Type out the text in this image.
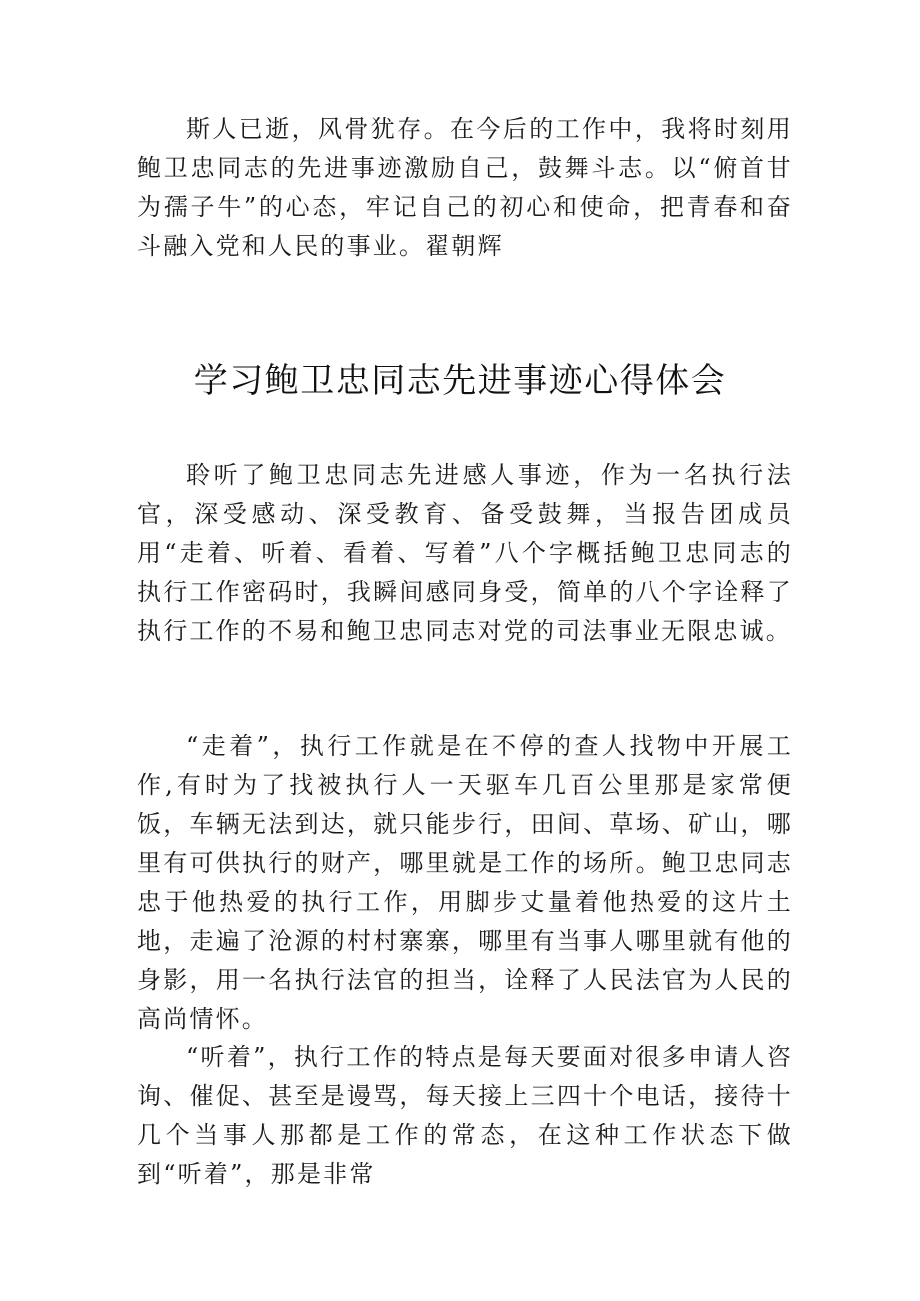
斯人已逝，风骨犹存。在今后的工作中，我将时刻用鲍卫忠同志的先进事迹激励自己，鼓舞斗志。以“俯首甘为孺子牛”的心态，牢记自己的初心和使命，把青春和奋斗融入党和人民的事业。翟朝辉

学习鲍卫忠同志先进事迹心得体会

聆听了鲍卫忠同志先进感人事迹，作为一名执行法官，深受感动、深受教育、备受鼓舞，当报告团成员用“走着、听着、看着、写着”八个字概括鲍卫忠同志的执行工作密码时，我瞬间感同身受，简单的八个字诠释了执行工作的不易和鲍卫忠同志对党的司法事业无限忠诚。

“走着”，执行工作就是在不停的查人找物中开展工作,有时为了找被执行人一天驱车几百公里那是家常便饭，车辆无法到达，就只能步行，田间、草场、矿山，哪里有可供执行的财产，哪里就是工作的场所。鲍卫忠同志忠于他热爱的执行工作，用脚步丈量着他热爱的这片土地，走遍了沧源的村村寨寨，哪里有当事人哪里就有他的身影，用一名执行法官的担当，诠释了人民法官为人民的高尚情怀。

“听着”，执行工作的特点是每天要面对很多申请人咨询、催促、甚至是谩骂，每天接上三四十个电话，接待十几个当事人那都是工作的常态，在这种工作状态下做到“听着”，那是非常
